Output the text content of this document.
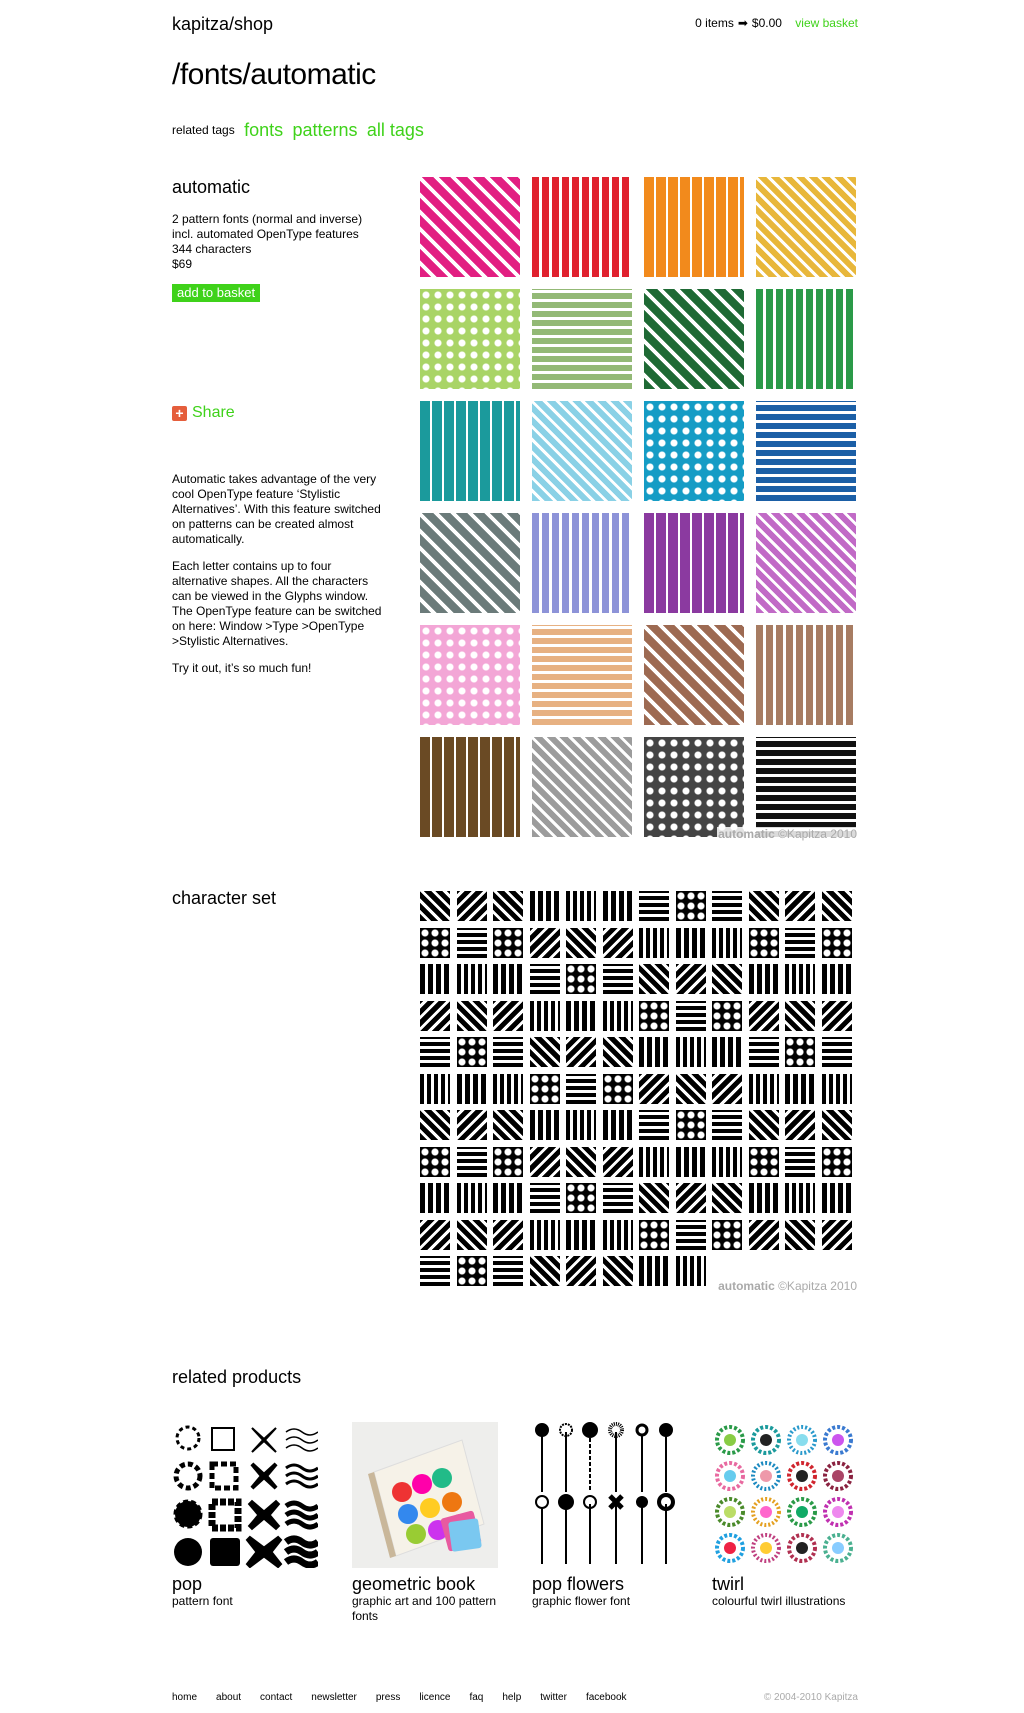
kapitza/shop	0 items ➡ $0.00 view basket
/fonts/automatic
related tags fonts patterns all tags
automatic
2 pattern fonts (normal and inverse)
incl. automated OpenType features
344 characters
$69
add to basket
+ Share

Automatic takes advantage of the very cool OpenType feature ‘Stylistic Alternatives’. With this feature switched on patterns can be created almost automatically.

Each letter contains up to four alternative shapes. All the characters can be viewed in the Glyphs window. The OpenType feature can be switched on here: Window >Type >OpenType >Stylistic Alternatives.

Try it out, it’s so much fun!

automatic ©Kapitza 2010
character set
automatic ©Kapitza 2010
related products
pop
pattern font
geometric book
graphic art and 100 pattern fonts
pop flowers
graphic flower font
twirl
colourful twirl illustrations
home about contact newsletter press licence faq help twitter facebook	© 2004-2010 Kapitza
